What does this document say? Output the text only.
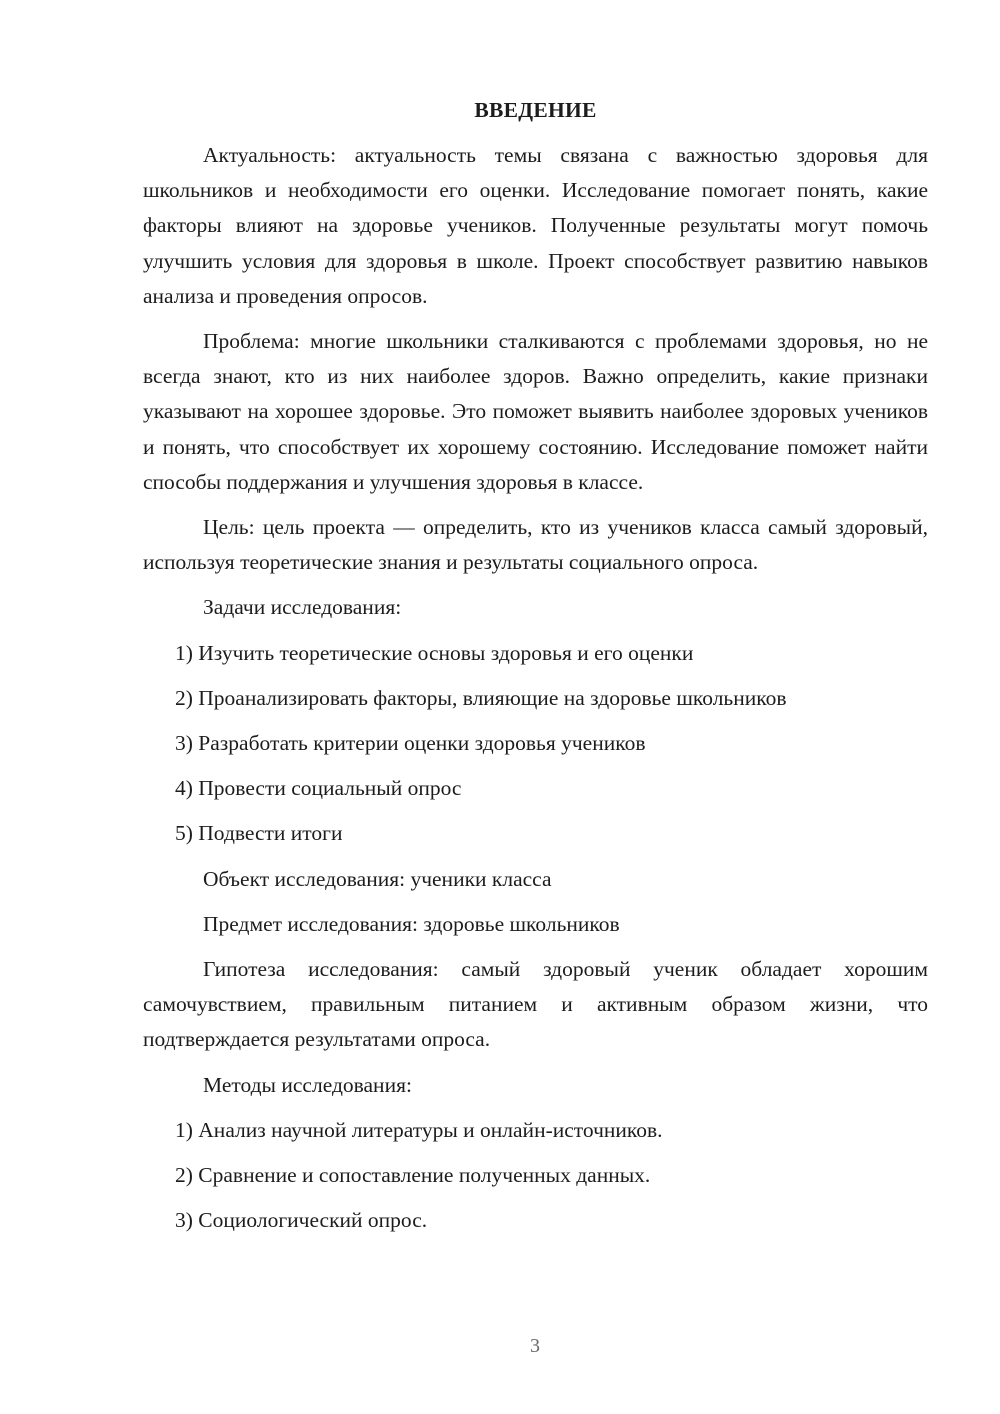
ВВЕДЕНИЕ

Актуальность: актуальность темы связана с важностью здоровья для школьников и необходимости его оценки. Исследование помогает понять, какие факторы влияют на здоровье учеников. Полученные результаты могут помочь улучшить условия для здоровья в школе. Проект способствует развитию навыков анализа и проведения опросов.

Проблема: многие школьники сталкиваются с проблемами здоровья, но не всегда знают, кто из них наиболее здоров. Важно определить, какие признаки указывают на хорошее здоровье. Это поможет выявить наиболее здоровых учеников и понять, что способствует их хорошему состоянию. Исследование поможет найти способы поддержания и улучшения здоровья в классе.

Цель: цель проекта — определить, кто из учеников класса самый здоровый, используя теоретические знания и результаты социального опроса.

Задачи исследования:

1) Изучить теоретические основы здоровья и его оценки

2) Проанализировать факторы, влияющие на здоровье школьников

3) Разработать критерии оценки здоровья учеников

4) Провести социальный опрос

5) Подвести итоги

Объект исследования: ученики класса

Предмет исследования: здоровье школьников

Гипотеза исследования: самый здоровый ученик обладает хорошим самочувствием, правильным питанием и активным образом жизни, что подтверждается результатами опроса.

Методы исследования:

1) Анализ научной литературы и онлайн-источников.

2) Сравнение и сопоставление полученных данных.

3) Социологический опрос.

3
